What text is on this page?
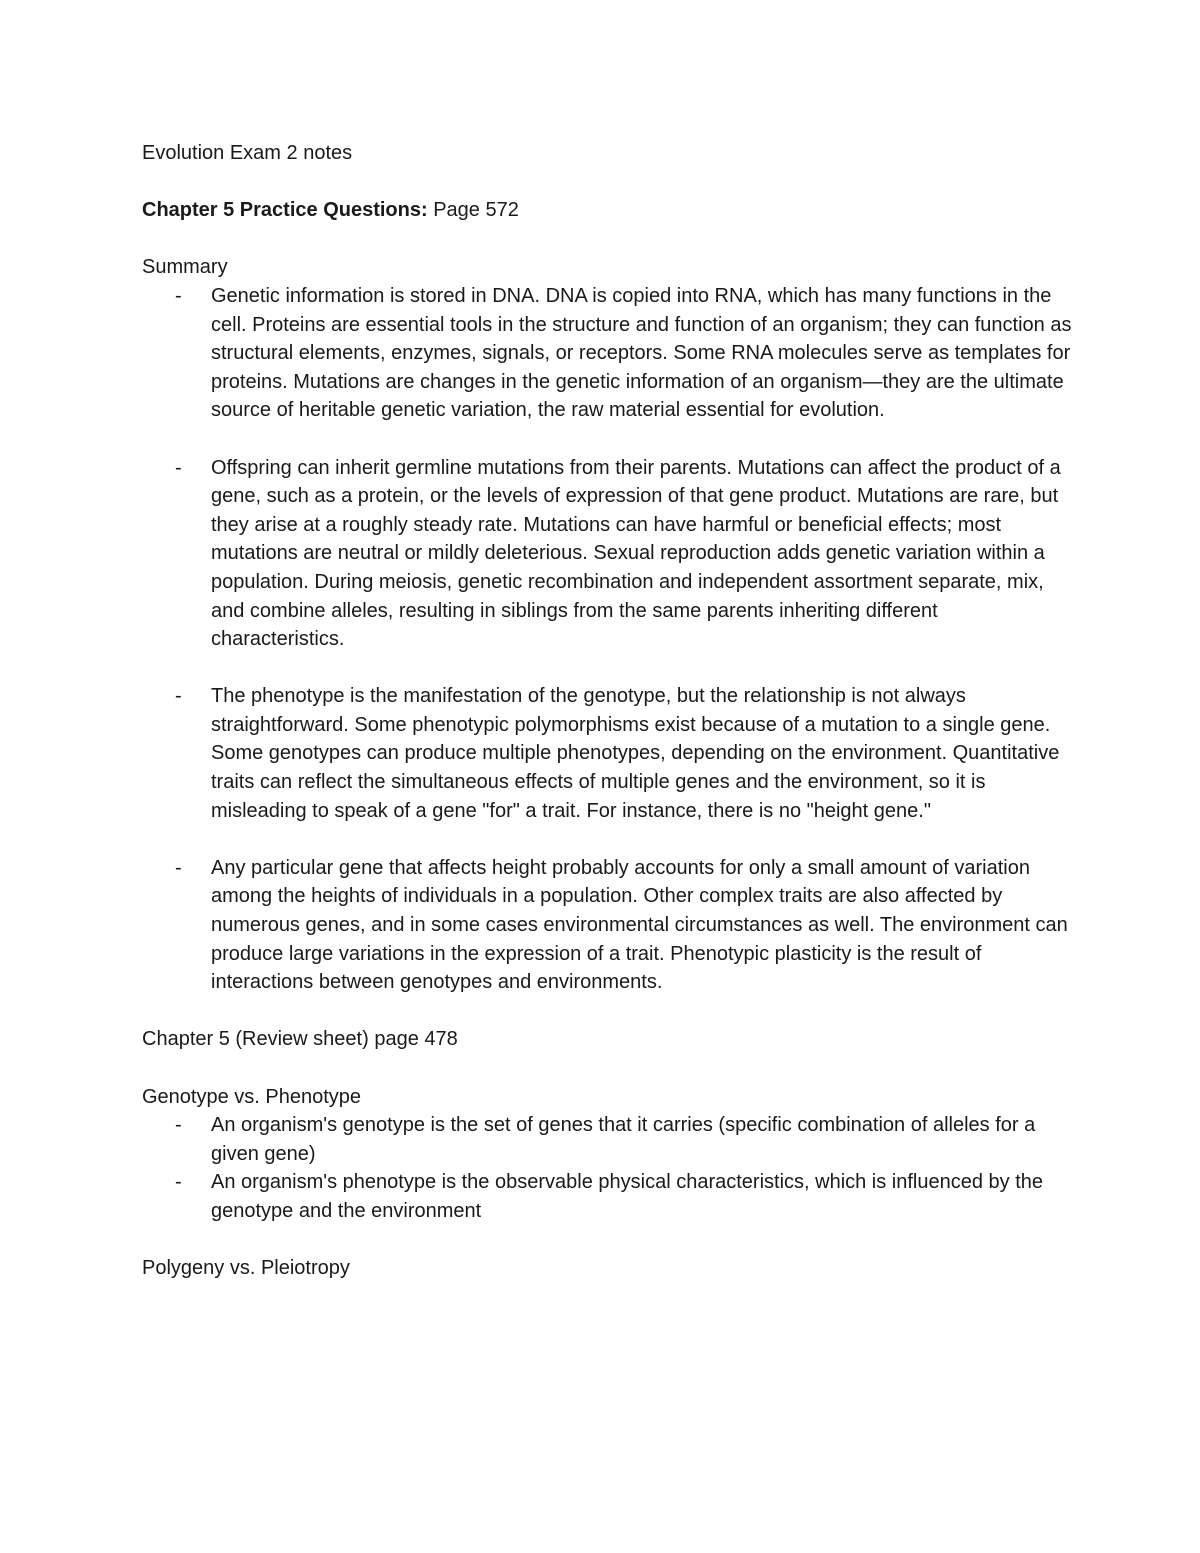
Evolution Exam 2 notes

Chapter 5 Practice Questions: Page 572

Summary

- Genetic information is stored in DNA. DNA is copied into RNA, which has many functions in the cell. Proteins are essential tools in the structure and function of an organism; they can function as structural elements, enzymes, signals, or receptors. Some RNA molecules serve as templates for proteins. Mutations are changes in the genetic information of an organism—they are the ultimate source of heritable genetic variation, the raw material essential for evolution.
- Offspring can inherit germline mutations from their parents. Mutations can affect the product of a gene, such as a protein, or the levels of expression of that gene product. Mutations are rare, but they arise at a roughly steady rate. Mutations can have harmful or beneficial effects; most mutations are neutral or mildly deleterious. Sexual reproduction adds genetic variation within a population. During meiosis, genetic recombination and independent assortment separate, mix, and combine alleles, resulting in siblings from the same parents inheriting different characteristics.
- The phenotype is the manifestation of the genotype, but the relationship is not always straightforward. Some phenotypic polymorphisms exist because of a mutation to a single gene. Some genotypes can produce multiple phenotypes, depending on the environment. Quantitative traits can reflect the simultaneous effects of multiple genes and the environment, so it is misleading to speak of a gene "for" a trait. For instance, there is no "height gene."
- Any particular gene that affects height probably accounts for only a small amount of variation among the heights of individuals in a population. Other complex traits are also affected by numerous genes, and in some cases environmental circumstances as well. The environment can produce large variations in the expression of a trait. Phenotypic plasticity is the result of interactions between genotypes and environments.

Chapter 5 (Review sheet) page 478

Genotype vs. Phenotype

- An organism's genotype is the set of genes that it carries (specific combination of alleles for a given gene)
- An organism's phenotype is the observable physical characteristics, which is influenced by the genotype and the environment

Polygeny vs. Pleiotropy
